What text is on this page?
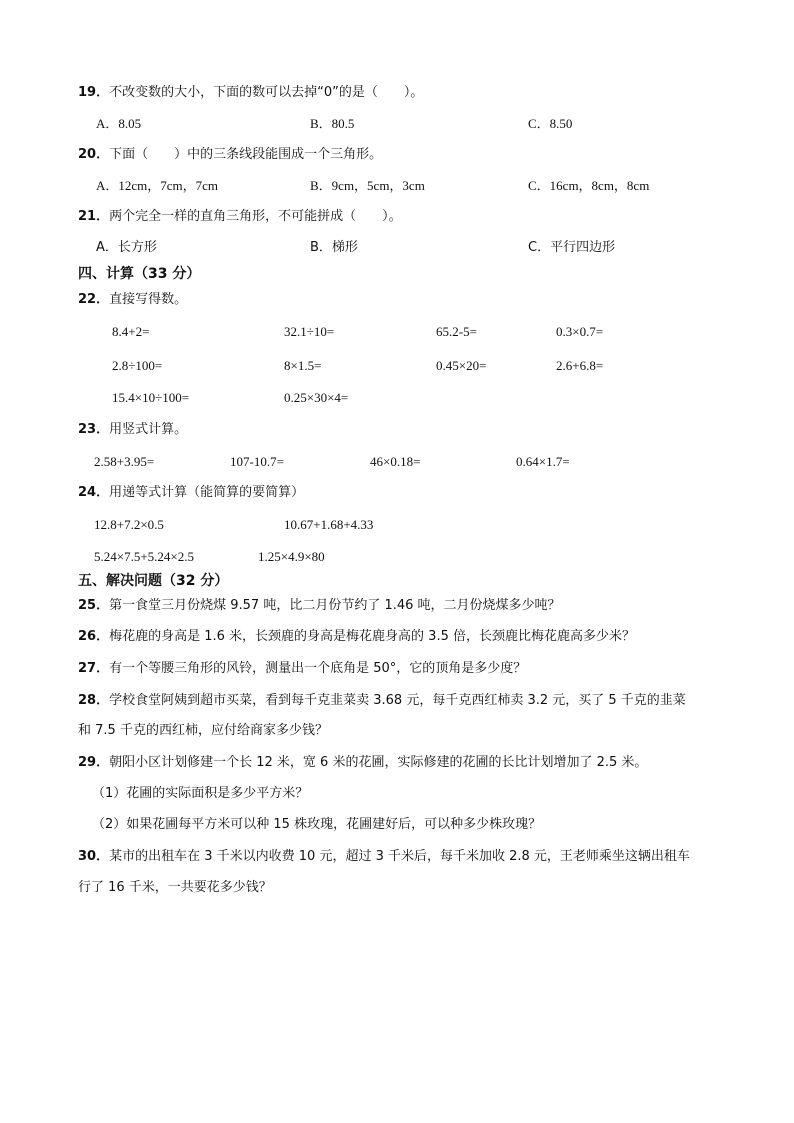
19．不改变数的大小，下面的数可以去掉“0”的是（　　）。
A．8.05	B．80.5	C．8.50
20．下面（　　）中的三条线段能围成一个三角形。
A．12cm，7cm，7cm	B．9cm，5cm，3cm	C．16cm，8cm，8cm
21．两个完全一样的直角三角形，不可能拼成（　　）。
A．长方形	B．梯形	C．平行四边形
四、计算（33 分）
22．直接写得数。
8.4+2=	32.1÷10=	65.2-5=	0.3×0.7=
2.8÷100=	8×1.5=	0.45×20=	2.6+6.8=
15.4×10÷100=	0.25×30×4=
23．用竖式计算。
2.58+3.95=	107-10.7=	46×0.18=	0.64×1.7=
24．用递等式计算（能简算的要简算）
12.8+7.2×0.5	10.67+1.68+4.33
5.24×7.5+5.24×2.5	1.25×4.9×80
五、解决问题（32 分）
25．第一食堂三月份烧煤 9.57 吨，比二月份节约了 1.46 吨，二月份烧煤多少吨？
26．梅花鹿的身高是 1.6 米，长颈鹿的身高是梅花鹿身高的 3.5 倍，长颈鹿比梅花鹿高多少米？
27．有一个等腰三角形的风铃，测量出一个底角是 50°，它的顶角是多少度？
28．学校食堂阿姨到超市买菜，看到每千克韭菜卖 3.68 元，每千克西红柿卖 3.2 元，买了 5 千克的韭菜
和 7.5 千克的西红柿，应付给商家多少钱？
29．朝阳小区计划修建一个长 12 米，宽 6 米的花圃，实际修建的花圃的长比计划增加了 2.5 米。
（1）花圃的实际面积是多少平方米？
（2）如果花圃每平方米可以种 15 株玫瑰，花圃建好后，可以种多少株玫瑰？
30．某市的出租车在 3 千米以内收费 10 元，超过 3 千米后，每千米加收 2.8 元，王老师乘坐这辆出租车
行了 16 千米，一共要花多少钱？
